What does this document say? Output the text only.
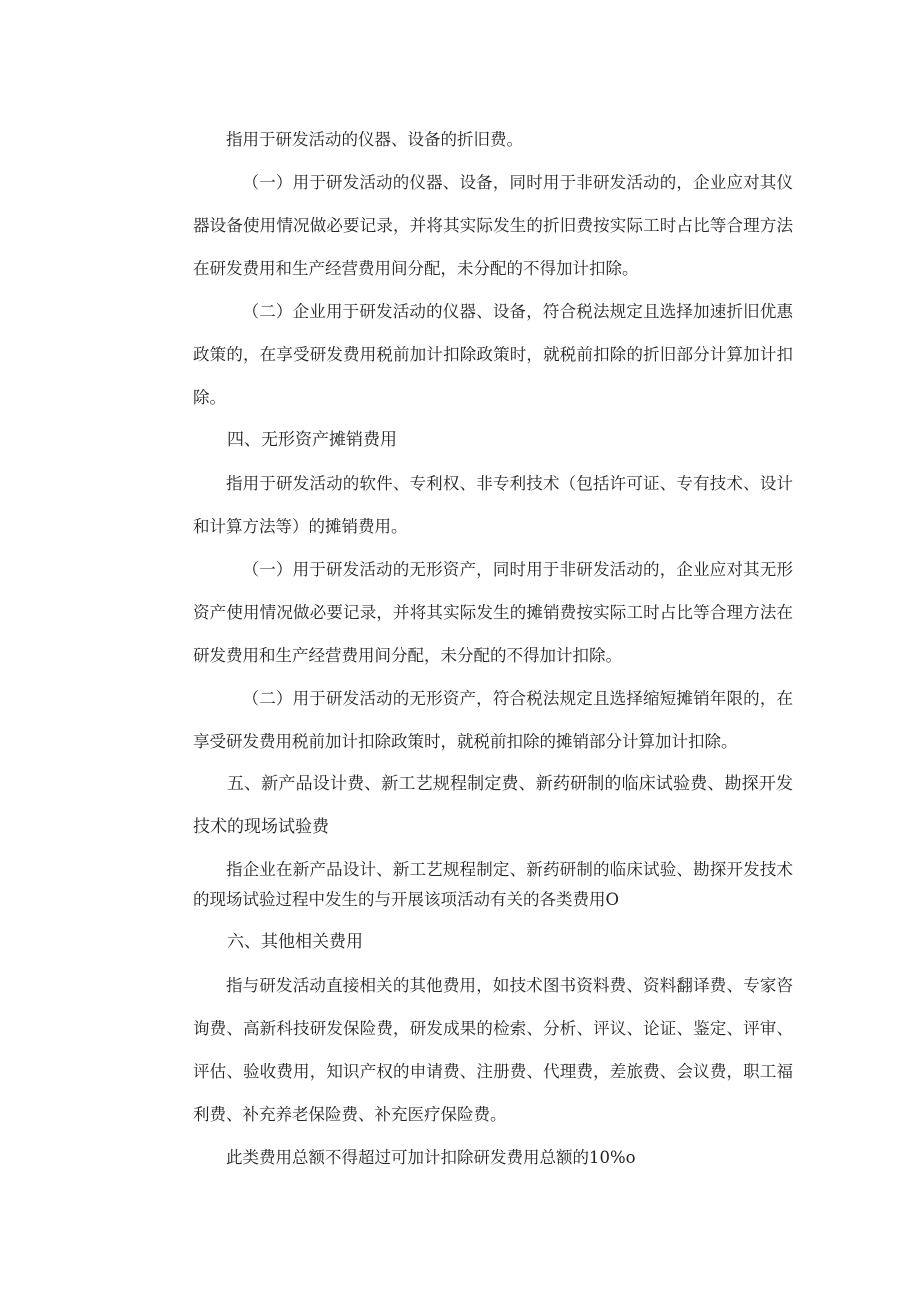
指用于研发活动的仪器、设备的折旧费。

（一）用于研发活动的仪器、设备，同时用于非研发活动的，企业应对其仪器设备使用情况做必要记录，并将其实际发生的折旧费按实际工时占比等合理方法在研发费用和生产经营费用间分配，未分配的不得加计扣除。

（二）企业用于研发活动的仪器、设备，符合税法规定且选择加速折旧优惠政策的，在享受研发费用税前加计扣除政策时，就税前扣除的折旧部分计算加计扣除。

四、无形资产摊销费用

指用于研发活动的软件、专利权、非专利技术（包括许可证、专有技术、设计和计算方法等）的摊销费用。

（一）用于研发活动的无形资产，同时用于非研发活动的，企业应对其无形资产使用情况做必要记录，并将其实际发生的摊销费按实际工时占比等合理方法在研发费用和生产经营费用间分配，未分配的不得加计扣除。

（二）用于研发活动的无形资产，符合税法规定且选择缩短摊销年限的，在享受研发费用税前加计扣除政策时，就税前扣除的摊销部分计算加计扣除。

五、新产品设计费、新工艺规程制定费、新药研制的临床试验费、勘探开发技术的现场试验费

指企业在新产品设计、新工艺规程制定、新药研制的临床试验、勘探开发技术的现场试验过程中发生的与开展该项活动有关的各类费用O

六、其他相关费用

指与研发活动直接相关的其他费用，如技术图书资料费、资料翻译费、专家咨询费、高新科技研发保险费，研发成果的检索、分析、评议、论证、鉴定、评审、评估、验收费用，知识产权的申请费、注册费、代理费，差旅费、会议费，职工福利费、补充养老保险费、补充医疗保险费。

此类费用总额不得超过可加计扣除研发费用总额的10%o
